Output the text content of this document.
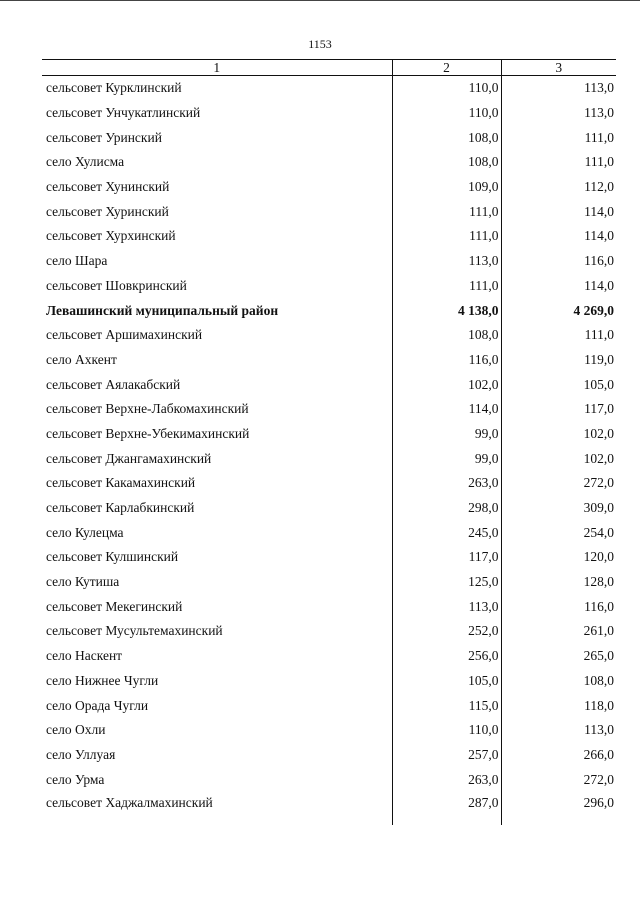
1153
1	2	3
сельсовет Курклинский	110,0	113,0
сельсовет Унчукатлинский	110,0	113,0
сельсовет Уринский	108,0	111,0
село Хулисма	108,0	111,0
сельсовет Хунинский	109,0	112,0
сельсовет Хуринский	111,0	114,0
сельсовет Хурхинский	111,0	114,0
село Шара	113,0	116,0
сельсовет Шовкринский	111,0	114,0
Левашинский муниципальный район	4 138,0	4 269,0
сельсовет Аршимахинский	108,0	111,0
село Ахкент	116,0	119,0
сельсовет Аялакабский	102,0	105,0
сельсовет Верхне-Лабкомахинский	114,0	117,0
сельсовет Верхне-Убекимахинский	99,0	102,0
сельсовет Джангамахинский	99,0	102,0
сельсовет Какамахинский	263,0	272,0
сельсовет Карлабкинский	298,0	309,0
село Кулецма	245,0	254,0
сельсовет Кулшинский	117,0	120,0
село Кутиша	125,0	128,0
сельсовет Мекегинский	113,0	116,0
сельсовет Мусультемахинский	252,0	261,0
село Наскент	256,0	265,0
село Нижнее Чугли	105,0	108,0
село Орада Чугли	115,0	118,0
село Охли	110,0	113,0
село Уллуая	257,0	266,0
село Урма	263,0	272,0
сельсовет Хаджалмахинский	287,0	296,0
